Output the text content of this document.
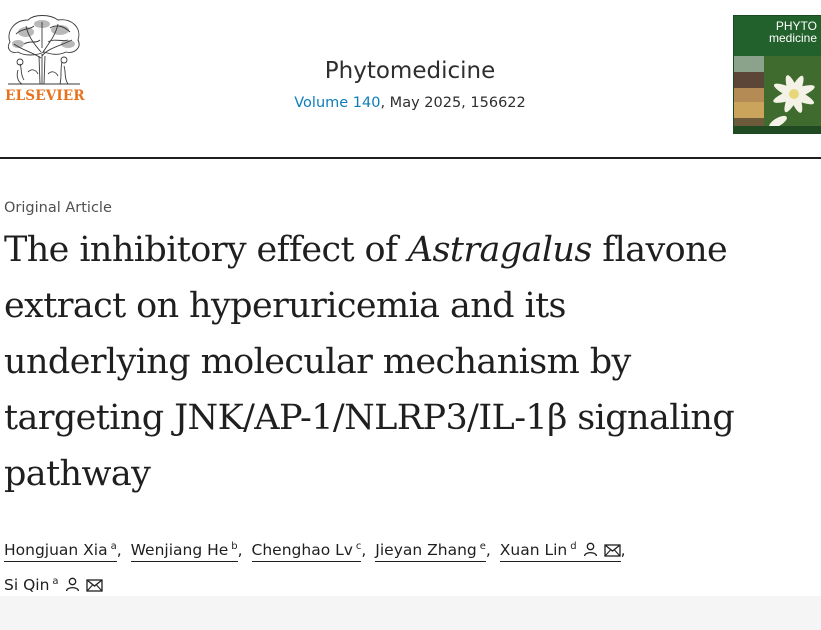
ELSEVIER
Phytomedicine
Volume 140, May 2025, 156622
PHYTO
medicine
Original Article
The inhibitory effect of Astragalus flavone
extract on hyperuricemia and its
underlying molecular mechanism by
targeting JNK/AP-1/NLRP3/IL-1β signaling
pathway
Hongjuan Xia $^a$, Wenjiang He $^b$, Chenghao Lv $^c$, Jieyan Zhang $^e$, Xuan Lin $^d$	,
Si Qin $^a$
